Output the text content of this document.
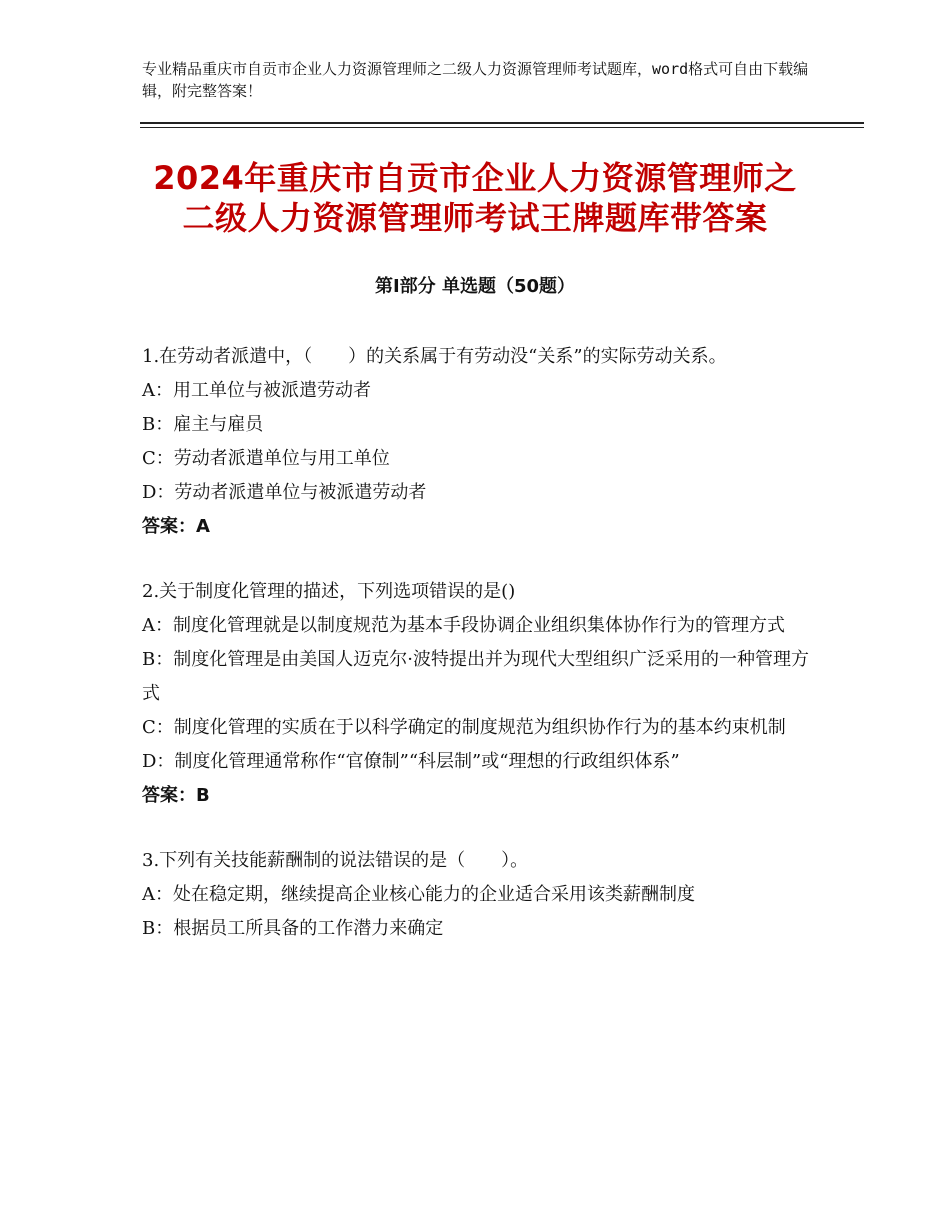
专业精品重庆市自贡市企业人力资源管理师之二级人力资源管理师考试题库，word格式可自由下载编辑，附完整答案！
2024年重庆市自贡市企业人力资源管理师之
二级人力资源管理师考试王牌题库带答案
第Ⅰ部分 单选题（50题）
1.在劳动者派遣中，（　　）的关系属于有劳动没“关系”的实际劳动关系。
A：用工单位与被派遣劳动者
B：雇主与雇员
C：劳动者派遣单位与用工单位
D：劳动者派遣单位与被派遣劳动者
答案：A
2.关于制度化管理的描述，下列选项错误的是()
A：制度化管理就是以制度规范为基本手段协调企业组织集体协作行为的管理方式
B：制度化管理是由美国人迈克尔·波特提出并为现代大型组织广泛采用的一种管理方式
C：制度化管理的实质在于以科学确定的制度规范为组织协作行为的基本约束机制
D：制度化管理通常称作“官僚制”“科层制”或“理想的行政组织体系”
答案：B
3.下列有关技能薪酬制的说法错误的是（　　）。
A：处在稳定期，继续提高企业核心能力的企业适合采用该类薪酬制度
B：根据员工所具备的工作潜力来确定
